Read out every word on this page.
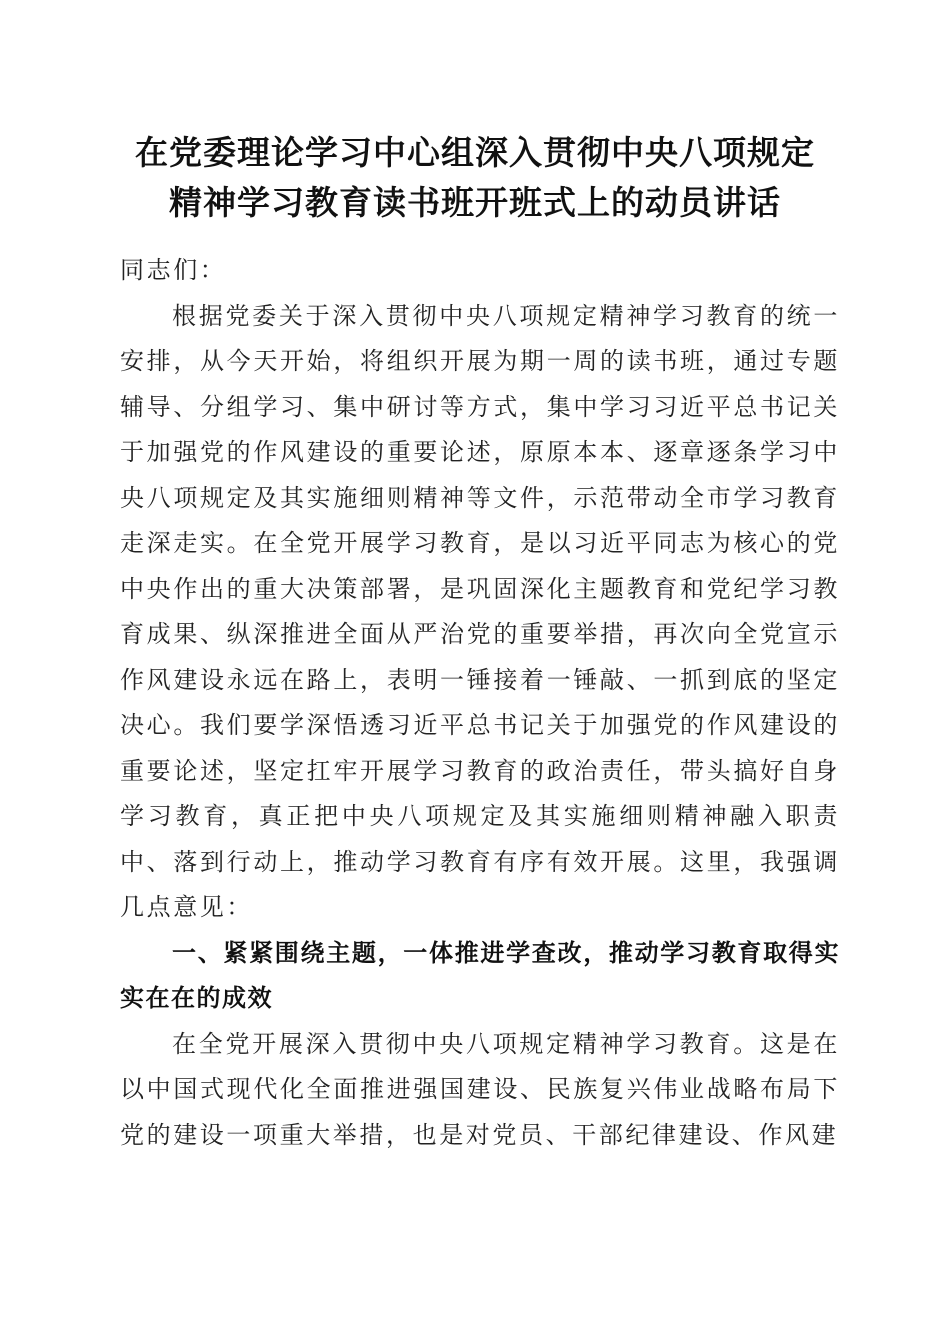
在党委理论学习中心组深入贯彻中央八项规定
精神学习教育读书班开班式上的动员讲话

同志们：

根据党委关于深入贯彻中央八项规定精神学习教育的统一安排，从今天开始，将组织开展为期一周的读书班，通过专题辅导、分组学习、集中研讨等方式，集中学习习近平总书记关于加强党的作风建设的重要论述，原原本本、逐章逐条学习中央八项规定及其实施细则精神等文件，示范带动全市学习教育走深走实。在全党开展学习教育，是以习近平同志为核心的党中央作出的重大决策部署，是巩固深化主题教育和党纪学习教育成果、纵深推进全面从严治党的重要举措，再次向全党宣示作风建设永远在路上，表明一锤接着一锤敲、一抓到底的坚定决心。我们要学深悟透习近平总书记关于加强党的作风建设的重要论述，坚定扛牢开展学习教育的政治责任，带头搞好自身学习教育，真正把中央八项规定及其实施细则精神融入职责中、落到行动上，推动学习教育有序有效开展。这里，我强调几点意见：

一、紧紧围绕主题，一体推进学查改，推动学习教育取得实实在在的成效

在全党开展深入贯彻中央八项规定精神学习教育。这是在以中国式现代化全面推进强国建设、民族复兴伟业战略布局下党的建设一项重大举措，也是对党员、干部纪律建设、作风建
